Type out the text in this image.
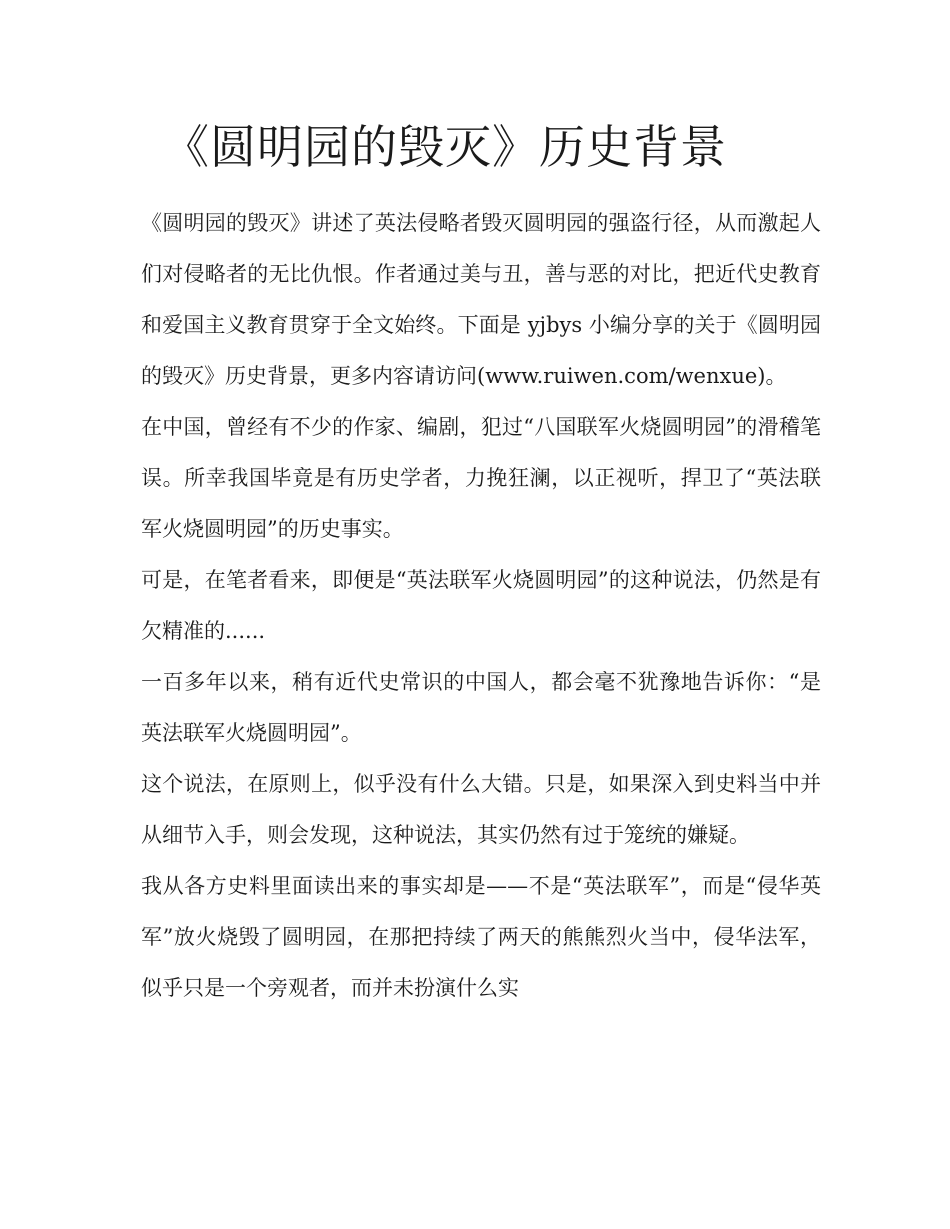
《圆明园的毁灭》历史背景

《圆明园的毁灭》讲述了英法侵略者毁灭圆明园的强盗行径，从而激起人们对侵略者的无比仇恨。作者通过美与丑，善与恶的对比，把近代史教育和爱国主义教育贯穿于全文始终。下面是 yjbys 小编分享的关于《圆明园的毁灭》历史背景，更多内容请访问(www.ruiwen.com/wenxue)。

在中国，曾经有不少的作家、编剧，犯过“八国联军火烧圆明园”的滑稽笔误。所幸我国毕竟是有历史学者，力挽狂澜，以正视听，捍卫了“英法联军火烧圆明园”的历史事实。

可是，在笔者看来，即便是“英法联军火烧圆明园”的这种说法，仍然是有欠精准的......

一百多年以来，稍有近代史常识的中国人，都会毫不犹豫地告诉你：“是英法联军火烧圆明园”。

这个说法，在原则上，似乎没有什么大错。只是，如果深入到史料当中并从细节入手，则会发现，这种说法，其实仍然有过于笼统的嫌疑。

我从各方史料里面读出来的事实却是——不是“英法联军”，而是“侵华英军”放火烧毁了圆明园，在那把持续了两天的熊熊烈火当中，侵华法军，似乎只是一个旁观者，而并未扮演什么实
